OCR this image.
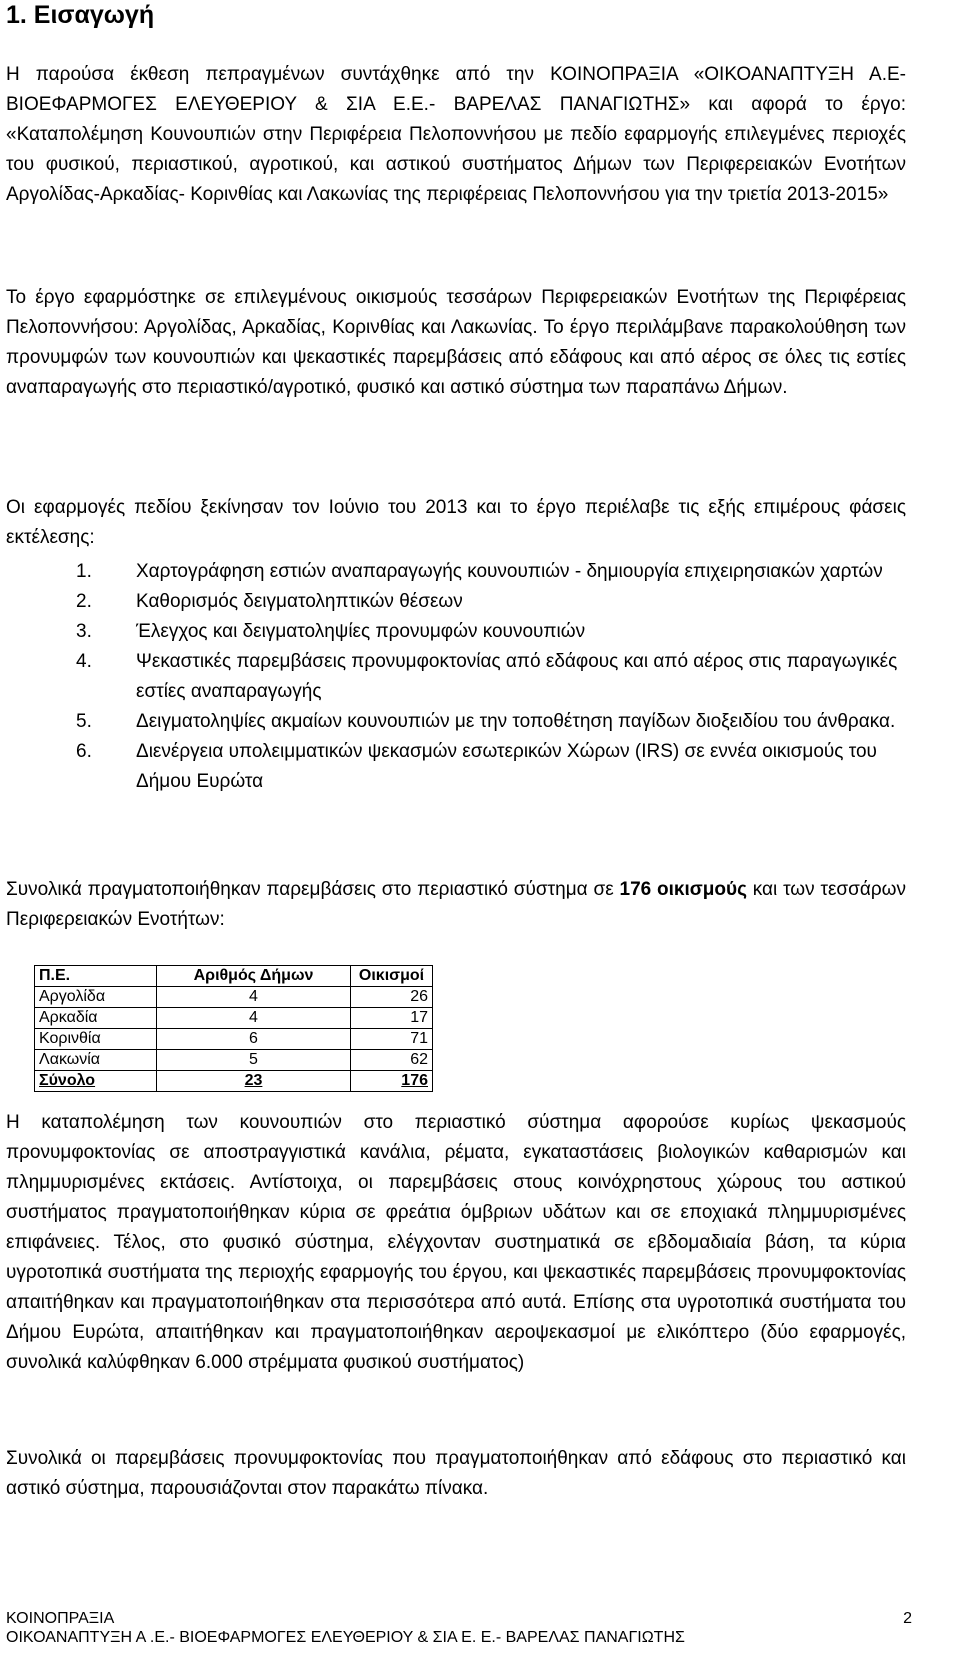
1. Εισαγωγή

Η παρούσα έκθεση πεπραγμένων συντάχθηκε από την ΚΟΙΝΟΠΡΑΞΙΑ «ΟΙΚΟΑΝΑΠΤΥΞΗ Α.Ε-ΒΙΟΕΦΑΡΜΟΓΕΣ ΕΛΕΥΘΕΡΙΟΥ & ΣΙΑ Ε.Ε.- ΒΑΡΕΛΑΣ ΠΑΝΑΓΙΩΤΗΣ» και αφορά το έργο: «Καταπολέμηση Κουνουπιών στην Περιφέρεια Πελοποννήσου με πεδίο εφαρμογής επιλεγμένες περιοχές του φυσικού, περιαστικού, αγροτικού, και αστικού συστήματος Δήμων των Περιφερειακών Ενοτήτων Αργολίδας-Αρκαδίας- Κορινθίας και Λακωνίας της περιφέρειας Πελοποννήσου για την τριετία 2013-2015»

Το έργο εφαρμόστηκε σε επιλεγμένους οικισμούς τεσσάρων Περιφερειακών Ενοτήτων της Περιφέρειας Πελοποννήσου: Αργολίδας, Αρκαδίας, Κορινθίας και Λακωνίας. Το έργο περιλάμβανε παρακολούθηση των προνυμφών των κουνουπιών και ψεκαστικές παρεμβάσεις από εδάφους και από αέρος σε όλες τις εστίες αναπαραγωγής στο περιαστικό/αγροτικό, φυσικό και αστικό σύστημα των παραπάνω Δήμων.

Οι εφαρμογές πεδίου ξεκίνησαν τον Ιούνιο του 2013 και το έργο περιέλαβε τις εξής επιμέρους φάσεις εκτέλεσης:

1. Χαρτογράφηση εστιών αναπαραγωγής κουνουπιών - δημιουργία επιχειρησιακών χαρτών
2. Καθορισμός δειγματοληπτικών θέσεων
3. Έλεγχος και δειγματοληψίες προνυμφών κουνουπιών
4. Ψεκαστικές παρεμβάσεις προνυμφοκτονίας από εδάφους και από αέρος στις παραγωγικές εστίες αναπαραγωγής
5. Δειγματοληψίες ακμαίων κουνουπιών με την τοποθέτηση παγίδων διοξειδίου του άνθρακα.
6. Διενέργεια υπολειμματικών ψεκασμών εσωτερικών Χώρων (IRS) σε εννέα οικισμούς του Δήμου Ευρώτα

Συνολικά πραγματοποιήθηκαν παρεμβάσεις στο περιαστικό σύστημα σε 176 οικισμούς και των τεσσάρων Περιφερειακών Ενοτήτων:

Π.Ε.	Αριθμός Δήμων	Οικισμοί
Αργολίδα	4	26
Αρκαδία	4	17
Κορινθία	6	71
Λακωνία	5	62
Σύνολο	23	176

Η καταπολέμηση των κουνουπιών στο περιαστικό σύστημα αφορούσε κυρίως ψεκασμούς προνυμφοκτονίας σε αποστραγγιστικά κανάλια, ρέματα, εγκαταστάσεις βιολογικών καθαρισμών και πλημμυρισμένες εκτάσεις. Αντίστοιχα, οι παρεμβάσεις στους κοινόχρηστους χώρους του αστικού συστήματος πραγματοποιήθηκαν κύρια σε φρεάτια όμβριων υδάτων και σε εποχιακά πλημμυρισμένες επιφάνειες. Τέλος, στο φυσικό σύστημα, ελέγχονταν συστηματικά σε εβδομαδιαία βάση, τα κύρια υγροτοπικά συστήματα της περιοχής εφαρμογής του έργου, και ψεκαστικές παρεμβάσεις προνυμφοκτονίας απαιτήθηκαν και πραγματοποιήθηκαν στα περισσότερα από αυτά. Επίσης στα υγροτοπικά συστήματα του Δήμου Ευρώτα, απαιτήθηκαν και πραγματοποιήθηκαν αεροψεκασμοί με ελικόπτερο (δύο εφαρμογές, συνολικά καλύφθηκαν 6.000 στρέμματα φυσικού συστήματος)

Συνολικά οι παρεμβάσεις προνυμφοκτονίας που πραγματοποιήθηκαν από εδάφους στο περιαστικό και αστικό σύστημα, παρουσιάζονται στον παρακάτω πίνακα.

ΚΟΙΝΟΠΡΑΞΙΑ
ΟΙΚΟΑΝΑΠΤΥΞΗ Α .Ε.- ΒΙΟΕΦΑΡΜΟΓΕΣ ΕΛΕΥΘΕΡΙΟΥ & ΣΙΑ Ε. Ε.- ΒΑΡΕΛΑΣ ΠΑΝΑΓΙΩΤΗΣ
2
